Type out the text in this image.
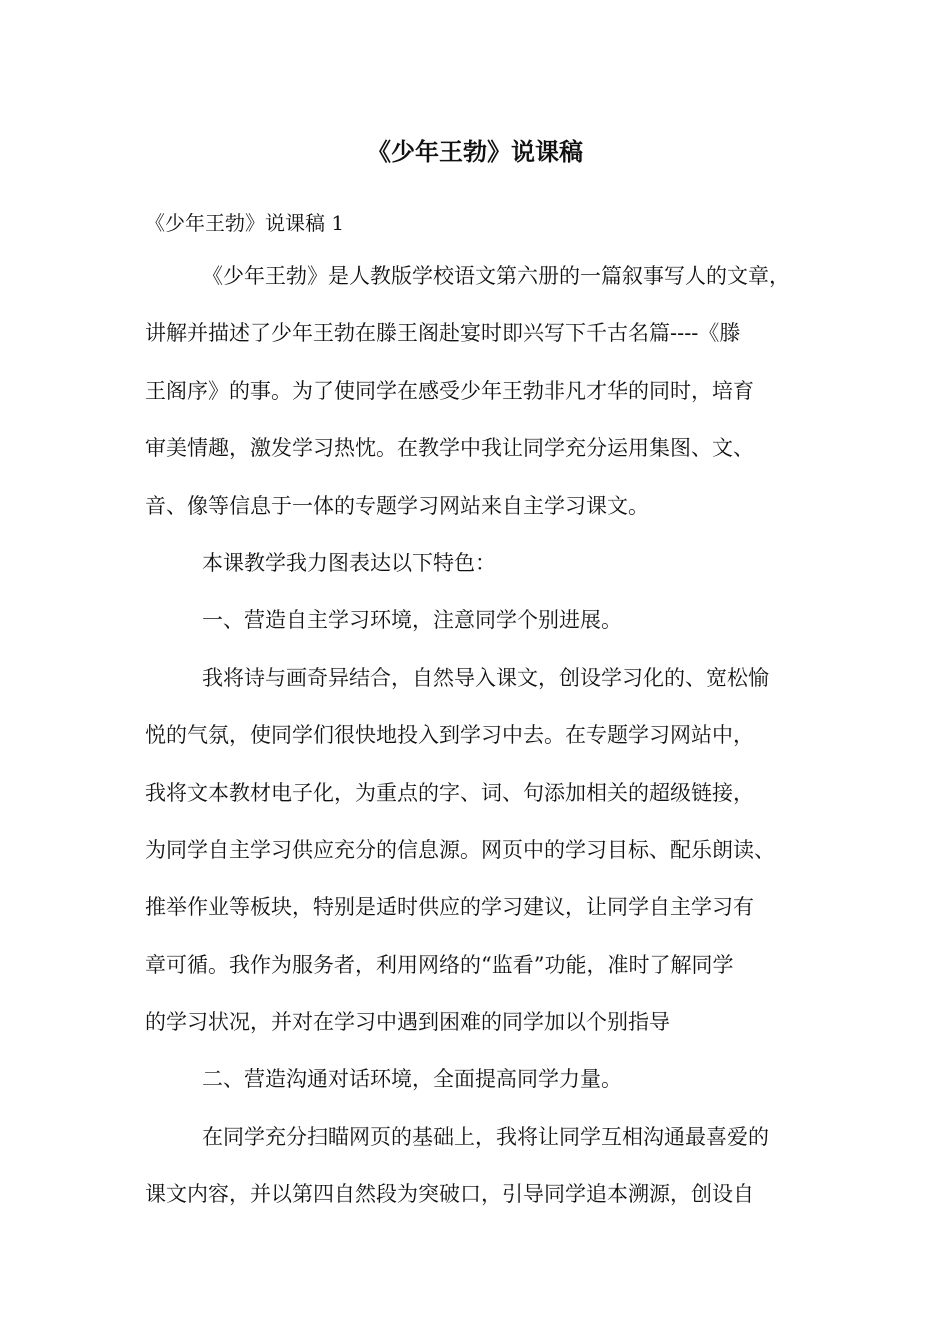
《少年王勃》说课稿

《少年王勃》说课稿 1

《少年王勃》是人教版学校语文第六册的一篇叙事写人的文章，

讲解并描述了少年王勃在滕王阁赴宴时即兴写下千古名篇----《滕

王阁序》的事。为了使同学在感受少年王勃非凡才华的同时，培育

审美情趣，激发学习热忱。在教学中我让同学充分运用集图、文、

音、像等信息于一体的专题学习网站来自主学习课文。

本课教学我力图表达以下特色：

一、营造自主学习环境，注意同学个别进展。

我将诗与画奇异结合，自然导入课文，创设学习化的、宽松愉

悦的气氛，使同学们很快地投入到学习中去。在专题学习网站中，

我将文本教材电子化，为重点的字、词、句添加相关的超级链接，

为同学自主学习供应充分的信息源。网页中的学习目标、配乐朗读、

推举作业等板块，特别是适时供应的学习建议，让同学自主学习有

章可循。我作为服务者，利用网络的“监看”功能，准时了解同学

的学习状况，并对在学习中遇到困难的同学加以个别指导

二、营造沟通对话环境，全面提高同学力量。

在同学充分扫瞄网页的基础上，我将让同学互相沟通最喜爱的

课文内容，并以第四自然段为突破口，引导同学追本溯源，创设自
